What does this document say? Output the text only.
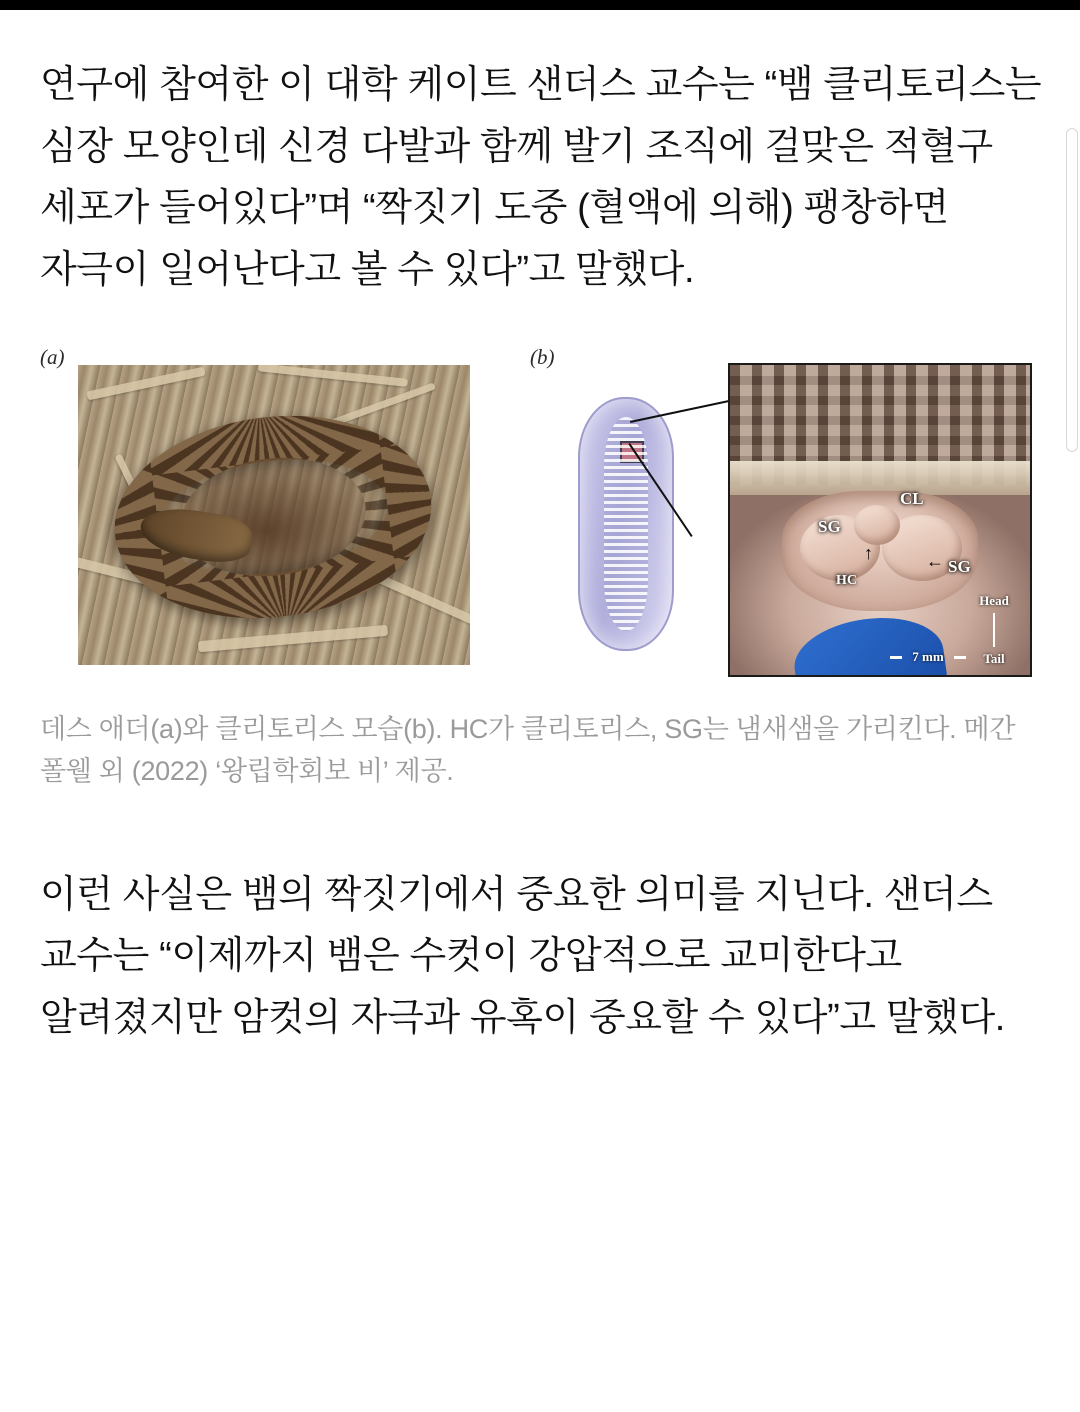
연구에 참여한 이 대학 케이트 샌더스 교수는 “뱀 클리토리스는 심장 모양인데 신경 다발과 함께 발기 조직에 걸맞은 적혈구 세포가 들어있다”며 “짝짓기 도중 (혈액에 의해) 팽창하면 자극이 일어난다고 볼 수 있다”고 말했다.

(a)	(b)
CL
SG
SG
HC
←
↑
7 mm
Head
Tail
데스 애더(a)와 클리토리스 모습(b). HC가 클리토리스, SG는 냄새샘을 가리킨다. 메간 폴웰 외 (2022) ‘왕립학회보 비’ 제공.

이런 사실은 뱀의 짝짓기에서 중요한 의미를 지닌다. 샌더스 교수는 “이제까지 뱀은 수컷이 강압적으로 교미한다고 알려졌지만 암컷의 자극과 유혹이 중요할 수 있다”고 말했다.
